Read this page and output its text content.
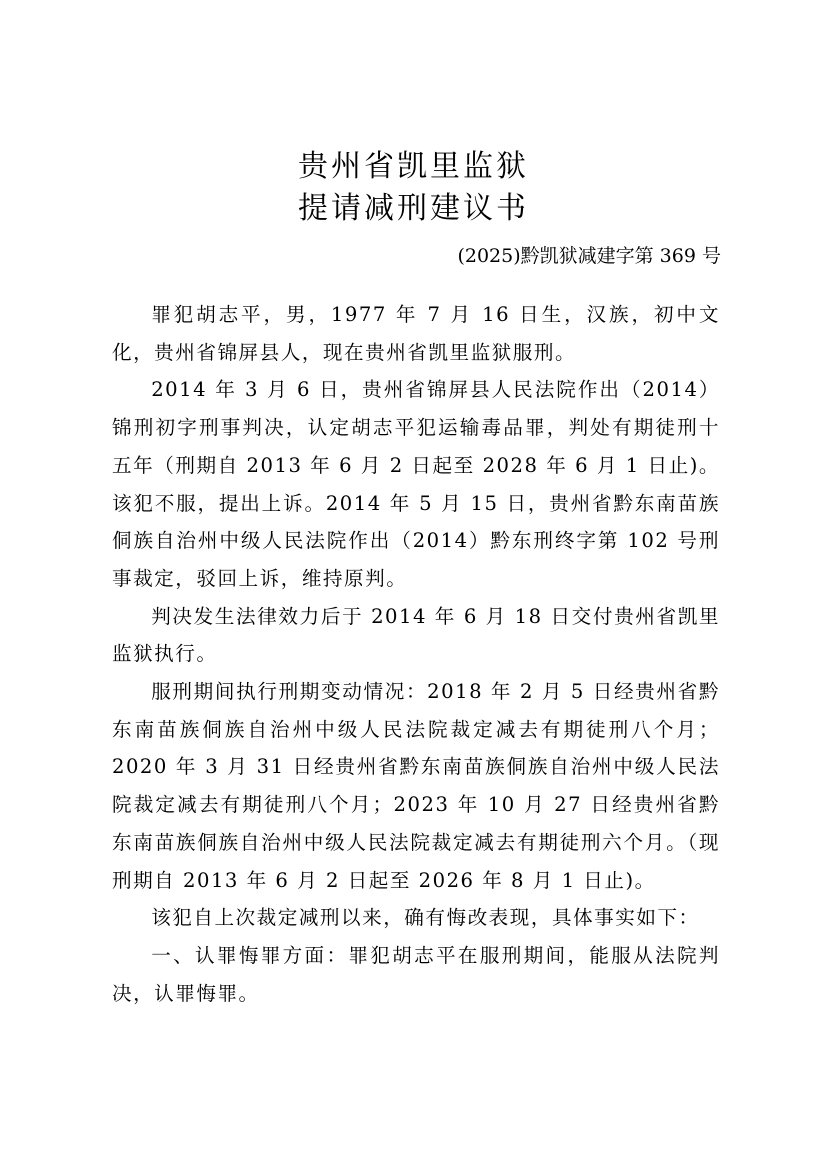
贵州省凯里监狱
提请减刑建议书
(2025)黔凯狱减建字第 369 号

罪犯胡志平，男，1977 年 7 月 16 日生，汉族，初中文化，贵州省锦屏县人，现在贵州省凯里监狱服刑。

2014 年 3 月 6 日，贵州省锦屏县人民法院作出（2014）锦刑初字刑事判决，认定胡志平犯运输毒品罪，判处有期徒刑十五年（刑期自 2013 年 6 月 2 日起至 2028 年 6 月 1 日止)。该犯不服，提出上诉。2014 年 5 月 15 日，贵州省黔东南苗族侗族自治州中级人民法院作出（2014）黔东刑终字第 102 号刑事裁定，驳回上诉，维持原判。

判决发生法律效力后于 2014 年 6 月 18 日交付贵州省凯里监狱执行。

服刑期间执行刑期变动情况：2018 年 2 月 5 日经贵州省黔东南苗族侗族自治州中级人民法院裁定减去有期徒刑八个月；2020 年 3 月 31 日经贵州省黔东南苗族侗族自治州中级人民法院裁定减去有期徒刑八个月；2023 年 10 月 27 日经贵州省黔东南苗族侗族自治州中级人民法院裁定减去有期徒刑六个月。（现刑期自 2013 年 6 月 2 日起至 2026 年 8 月 1 日止)。

该犯自上次裁定减刑以来，确有悔改表现，具体事实如下：

一、认罪悔罪方面：罪犯胡志平在服刑期间，能服从法院判决，认罪悔罪。
